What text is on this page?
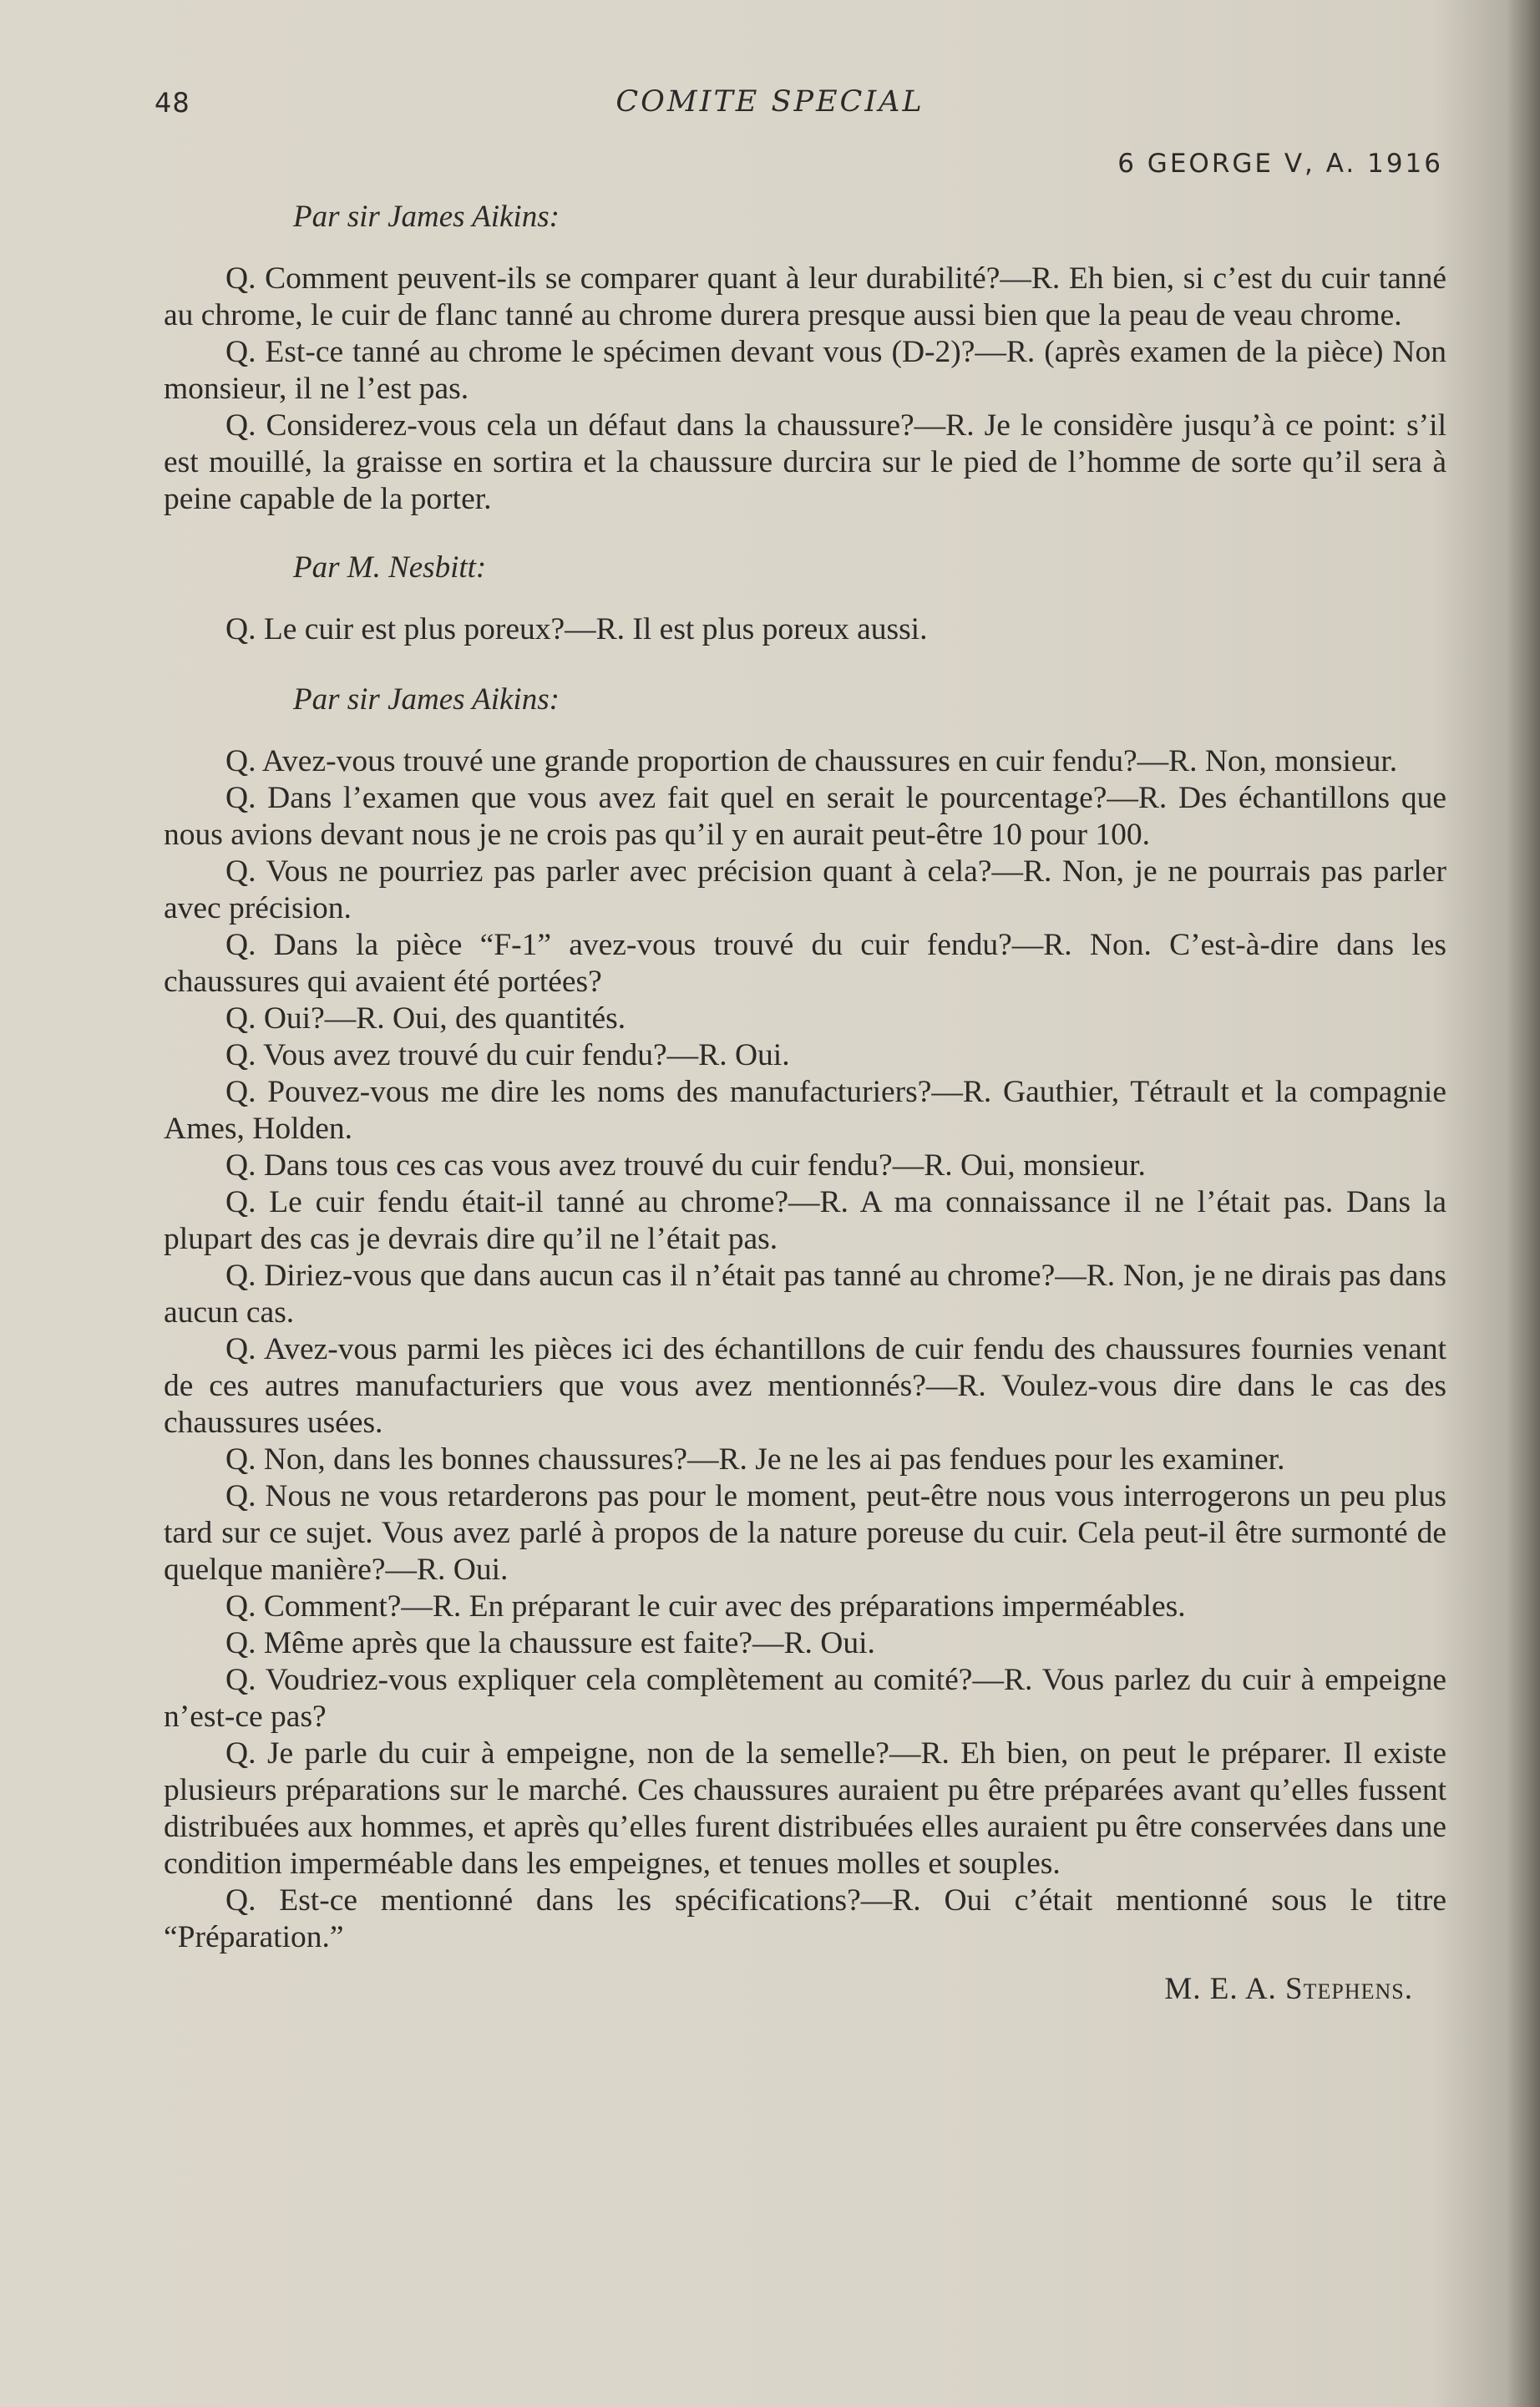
48	COMITE SPECIAL
6 GEORGE V, A. 1916
Par sir James Aikins:

Q. Comment peuvent-ils se comparer quant à leur durabilité?—R. Eh bien, si c’est du cuir tanné au chrome, le cuir de flanc tanné au chrome durera presque aussi bien que la peau de veau chrome.

Q. Est-ce tanné au chrome le spécimen devant vous (D-2)?—R. (après examen de la pièce) Non monsieur, il ne l’est pas.

Q. Considerez-vous cela un défaut dans la chaussure?—R. Je le considère jusqu’à ce point: s’il est mouillé, la graisse en sortira et la chaussure durcira sur le pied de l’homme de sorte qu’il sera à peine capable de la porter.

Par M. Nesbitt:

Q. Le cuir est plus poreux?—R. Il est plus poreux aussi.

Par sir James Aikins:

Q. Avez-vous trouvé une grande proportion de chaussures en cuir fendu?—R. Non, monsieur.

Q. Dans l’examen que vous avez fait quel en serait le pourcentage?—R. Des échantillons que nous avions devant nous je ne crois pas qu’il y en aurait peut-être 10 pour 100.

Q. Vous ne pourriez pas parler avec précision quant à cela?—R. Non, je ne pourrais pas parler avec précision.

Q. Dans la pièce “F-1” avez-vous trouvé du cuir fendu?—R. Non. C’est-à-dire dans les chaussures qui avaient été portées?

Q. Oui?—R. Oui, des quantités.

Q. Vous avez trouvé du cuir fendu?—R. Oui.

Q. Pouvez-vous me dire les noms des manufacturiers?—R. Gauthier, Tétrault et la compagnie Ames, Holden.

Q. Dans tous ces cas vous avez trouvé du cuir fendu?—R. Oui, monsieur.

Q. Le cuir fendu était-il tanné au chrome?—R. A ma connaissance il ne l’était pas. Dans la plupart des cas je devrais dire qu’il ne l’était pas.

Q. Diriez-vous que dans aucun cas il n’était pas tanné au chrome?—R. Non, je ne dirais pas dans aucun cas.

Q. Avez-vous parmi les pièces ici des échantillons de cuir fendu des chaussures fournies venant de ces autres manufacturiers que vous avez mentionnés?—R. Voulez-vous dire dans le cas des chaussures usées.

Q. Non, dans les bonnes chaussures?—R. Je ne les ai pas fendues pour les examiner.

Q. Nous ne vous retarderons pas pour le moment, peut-être nous vous interrogerons un peu plus tard sur ce sujet. Vous avez parlé à propos de la nature poreuse du cuir. Cela peut-il être surmonté de quelque manière?—R. Oui.

Q. Comment?—R. En préparant le cuir avec des préparations imperméables.

Q. Même après que la chaussure est faite?—R. Oui.

Q. Voudriez-vous expliquer cela complètement au comité?—R. Vous parlez du cuir à empeigne n’est-ce pas?

Q. Je parle du cuir à empeigne, non de la semelle?—R. Eh bien, on peut le préparer. Il existe plusieurs préparations sur le marché. Ces chaussures auraient pu être préparées avant qu’elles fussent distribuées aux hommes, et après qu’elles furent distribuées elles auraient pu être conservées dans une condition imperméable dans les empeignes, et tenues molles et souples.

Q. Est-ce mentionné dans les spécifications?—R. Oui c’était mentionné sous le titre “Préparation.”

M. E. A. Stephens.
